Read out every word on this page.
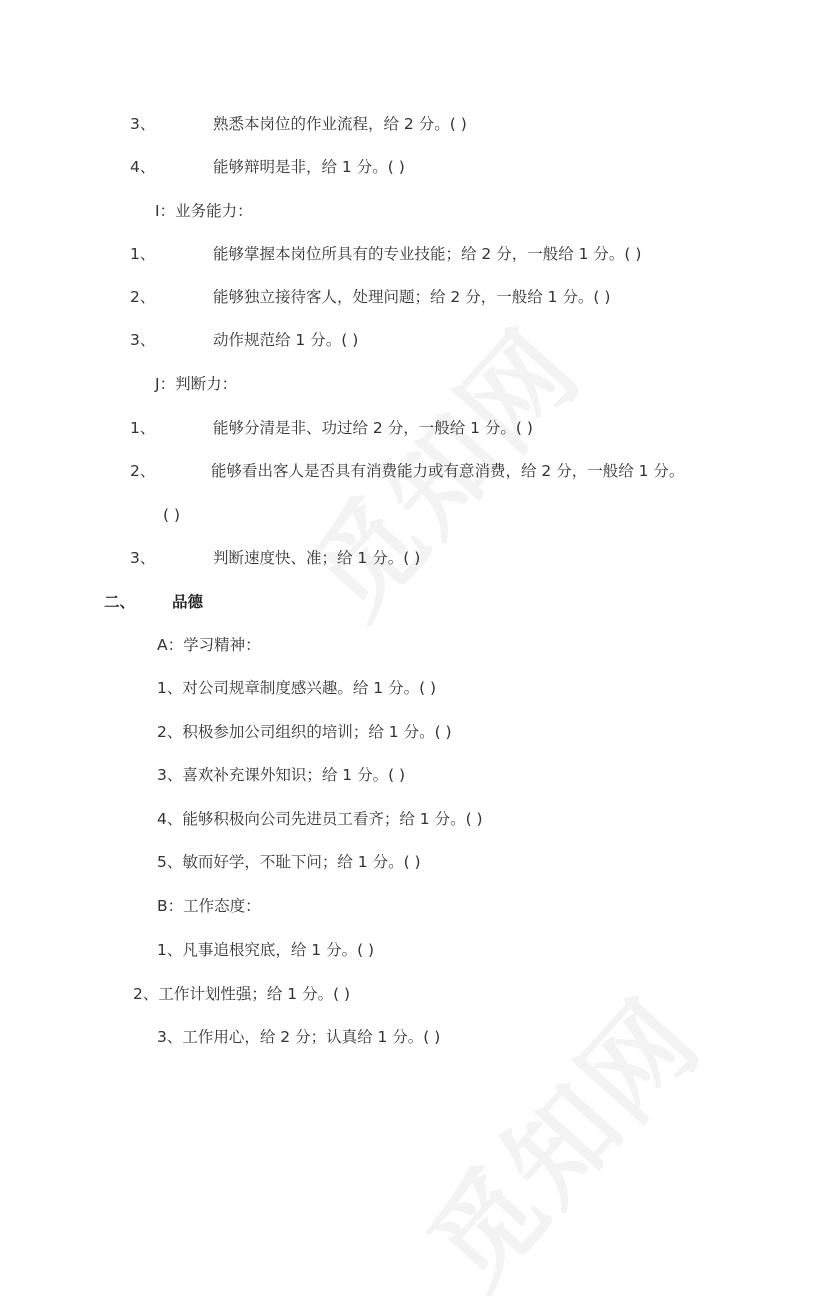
3、	熟悉本岗位的作业流程，给 2 分。( )
4、	能够辩明是非，给 1 分。( )
I：业务能力：
1、	能够掌握本岗位所具有的专业技能；给 2 分，一般给 1 分。( )
2、	能够独立接待客人，处理问题；给 2 分，一般给 1 分。( )
3、	动作规范给 1 分。( )
J：判断力：
1、	能够分清是非、功过给 2 分，一般给 1 分。( )
2、	能够看出客人是否具有消费能力或有意消费，给 2 分，一般给 1 分。
( )
3、	判断速度快、准；给 1 分。( )
二、 品德
A：学习精神：
1、对公司规章制度感兴趣。给 1 分。( )
2、积极参加公司组织的培训；给 1 分。( )
3、喜欢补充课外知识；给 1 分。( )
4、能够积极向公司先进员工看齐；给 1 分。( )
5、敏而好学，不耻下问；给 1 分。( )
B：工作态度：
1、凡事追根究底，给 1 分。( )
2、工作计划性强；给 1 分。( )
3、工作用心，给 2 分；认真给 1 分。( )
